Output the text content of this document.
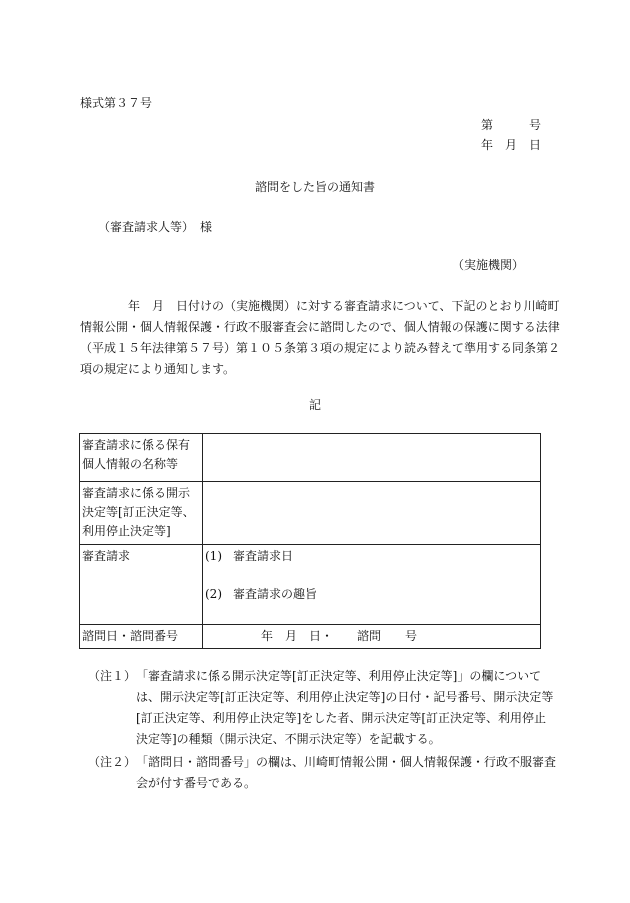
様式第３７号
第　　　号
年　月　日
諮問をした旨の通知書
（審査請求人等）　様
（実施機関）

　　　　年　月　日付けの（実施機関）に対する審査請求について、下記のとおり川崎町

情報公開・個人情報保護・行政不服審査会に諮問したので、個人情報の保護に関する法律

（平成１５年法律第５７号）第１０５条第３項の規定により読み替えて準用する同条第２

項の規定により通知します。

記
審査請求に係る保有個人情報の名称等	
審査請求に係る開示決定等[訂正決定等、利用停止決定等]	
審査請求	(1) 審査請求日
(2) 審査請求の趣旨

諮問日・諮問番号	年　月　日・　　諮問　　号
（注１） 「審査請求に係る開示決定等[訂正決定等、利用停止決定等]」の欄については、開示決定等[訂正決定等、利用停止決定等]の日付・記号番号、開示決定等[訂正決定等、利用停止決定等]をした者、開示決定等[訂正決定等、利用停止決定等]の種類（開示決定、不開示決定等）を記載する。
（注２） 「諮問日・諮問番号」の欄は、川崎町情報公開・個人情報保護・行政不服審査会が付す番号である。
